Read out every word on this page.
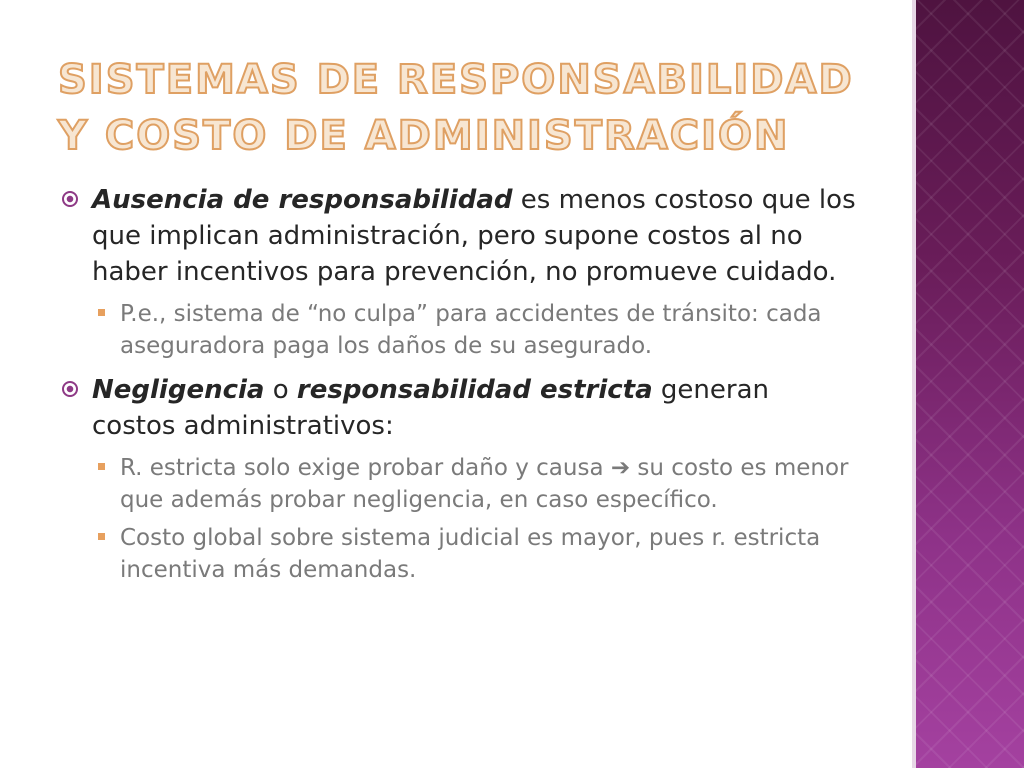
SISTEMAS DE RESPONSABILIDAD Y COSTO DE ADMINISTRACIÓN

Ausencia de responsabilidad es menos costoso que los que implican administración, pero supone costos al no haber incentivos para prevención, no promueve cuidado.

P.e., sistema de “no culpa” para accidentes de tránsito: cada aseguradora paga los daños de su asegurado.

Negligencia o responsabilidad estricta generan costos administrativos:

R. estricta solo exige probar daño y causa ➔ su costo es menor que además probar negligencia, en caso específico.

Costo global sobre sistema judicial es mayor, pues r. estricta incentiva más demandas.
